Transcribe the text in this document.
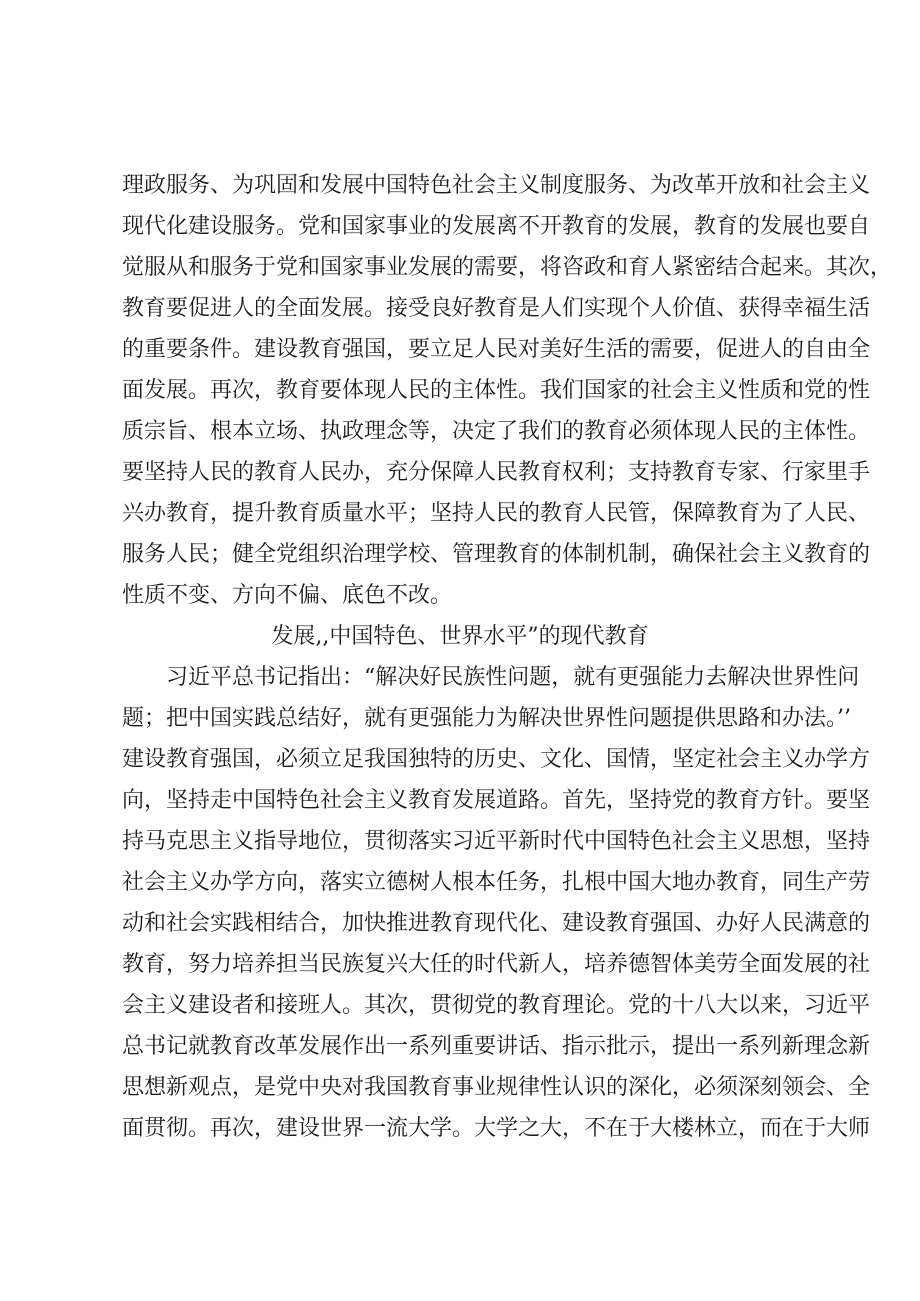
理政服务、为巩固和发展中国特色社会主义制度服务、为改革开放和社会主义
现代化建设服务。党和国家事业的发展离不开教育的发展，教育的发展也要自
觉服从和服务于党和国家事业发展的需要，将咨政和育人紧密结合起来。其次，
教育要促进人的全面发展。接受良好教育是人们实现个人价值、获得幸福生活
的重要条件。建设教育强国，要立足人民对美好生活的需要，促进人的自由全
面发展。再次，教育要体现人民的主体性。我们国家的社会主义性质和党的性
质宗旨、根本立场、执政理念等，决定了我们的教育必须体现人民的主体性。
要坚持人民的教育人民办，充分保障人民教育权利；支持教育专家、行家里手
兴办教育，提升教育质量水平；坚持人民的教育人民管，保障教育为了人民、
服务人民；健全党组织治理学校、管理教育的体制机制，确保社会主义教育的
性质不变、方向不偏、底色不改。
发展,,中国特色、世界水平”的现代教育
习近平总书记指出：“解决好民族性问题，就有更强能力去解决世界性问
题；把中国实践总结好，就有更强能力为解决世界性问题提供思路和办法。’’
建设教育强国，必须立足我国独特的历史、文化、国情，坚定社会主义办学方
向，坚持走中国特色社会主义教育发展道路。首先，坚持党的教育方针。要坚
持马克思主义指导地位，贯彻落实习近平新时代中国特色社会主义思想，坚持
社会主义办学方向，落实立德树人根本任务，扎根中国大地办教育，同生产劳
动和社会实践相结合，加快推进教育现代化、建设教育强国、办好人民满意的
教育，努力培养担当民族复兴大任的时代新人，培养德智体美劳全面发展的社
会主义建设者和接班人。其次，贯彻党的教育理论。党的十八大以来，习近平
总书记就教育改革发展作出一系列重要讲话、指示批示，提出一系列新理念新
思想新观点，是党中央对我国教育事业规律性认识的深化，必须深刻领会、全
面贯彻。再次，建设世界一流大学。大学之大，不在于大楼林立，而在于大师
